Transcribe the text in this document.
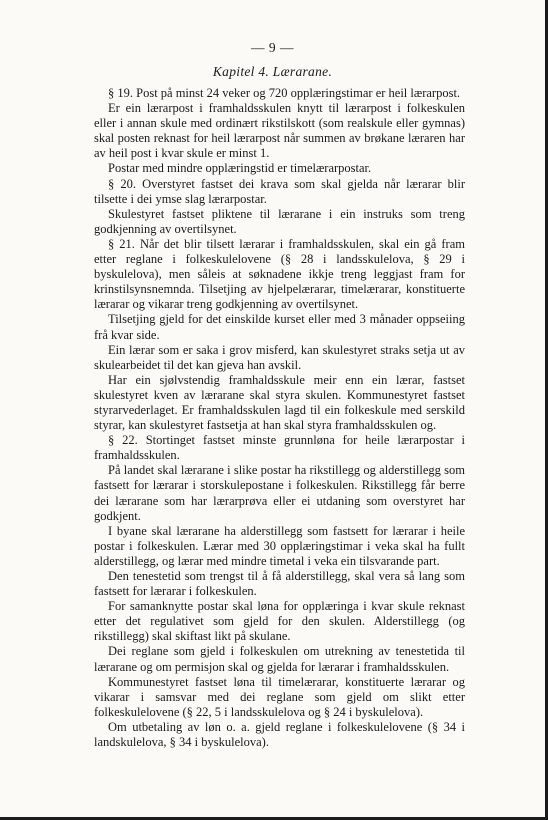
— 9 —
Kapitel 4. Lærarane.

§ 19. Post på minst 24 veker og 720 opplæringstimar er heil lærarpost.

Er ein lærarpost i framhaldsskulen knytt til lærarpost i folkeskulen eller i annan skule med ordinært rikstilskott (som realskule eller gymnas) skal posten reknast for heil lærarpost når summen av brøkane læraren har av heil post i kvar skule er minst 1.

Postar med mindre opplæringstid er timelærarpostar.

§ 20. Overstyret fastset dei krava som skal gjelda når lærarar blir tilsette i dei ymse slag lærarpostar.

Skulestyret fastset pliktene til lærarane i ein instruks som treng godkjenning av overtilsynet.

§ 21. Når det blir tilsett lærarar i framhaldsskulen, skal ein gå fram etter reglane i folkeskulelovene (§ 28 i landsskulelova, § 29 i byskulelova), men såleis at søknadene ikkje treng leggjast fram for krinstilsynsnemnda. Tilsetjing av hjelpelærarar, timelærarar, konstituerte lærarar og vikarar treng godkjenning av overtilsynet.

Tilsetjing gjeld for det einskilde kurset eller med 3 månader oppseiing frå kvar side.

Ein lærar som er saka i grov misferd, kan skulestyret straks setja ut av skulearbeidet til det kan gjeva han avskil.

Har ein sjølvstendig framhaldsskule meir enn ein lærar, fastset skulestyret kven av lærarane skal styra skulen. Kommunestyret fastset styrarvederlaget. Er framhaldsskulen lagd til ein folkeskule med serskild styrar, kan skulestyret fastsetja at han skal styra framhaldsskulen og.

§ 22. Stortinget fastset minste grunnløna for heile lærarpostar i framhaldsskulen.

På landet skal lærarane i slike postar ha rikstillegg og alderstillegg som fastsett for lærarar i storskulepostane i folkeskulen. Rikstillegg får berre dei lærarane som har lærarprøva eller ei utdaning som overstyret har godkjent.

I byane skal lærarane ha alderstillegg som fastsett for lærarar i heile postar i folkeskulen. Lærar med 30 opplæringstimar i veka skal ha fullt alderstillegg, og lærar med mindre timetal i veka ein tilsvarande part.

Den tenestetid som trengst til å få alderstillegg, skal vera så lang som fastsett for lærarar i folkeskulen.

For samanknytte postar skal løna for opplæringa i kvar skule reknast etter det regulativet som gjeld for den skulen. Alderstillegg (og rikstillegg) skal skiftast likt på skulane.

Dei reglane som gjeld i folkeskulen om utrekning av tenestetida til lærarane og om permisjon skal og gjelda for lærarar i framhaldsskulen.

Kommunestyret fastset løna til timelærarar, konstituerte lærarar og vikarar i samsvar med dei reglane som gjeld om slikt etter folkeskulelovene (§ 22, 5 i landsskulelova og § 24 i byskulelova).

Om utbetaling av løn o. a. gjeld reglane i folkeskulelovene (§ 34 i landskulelova, § 34 i byskulelova).
